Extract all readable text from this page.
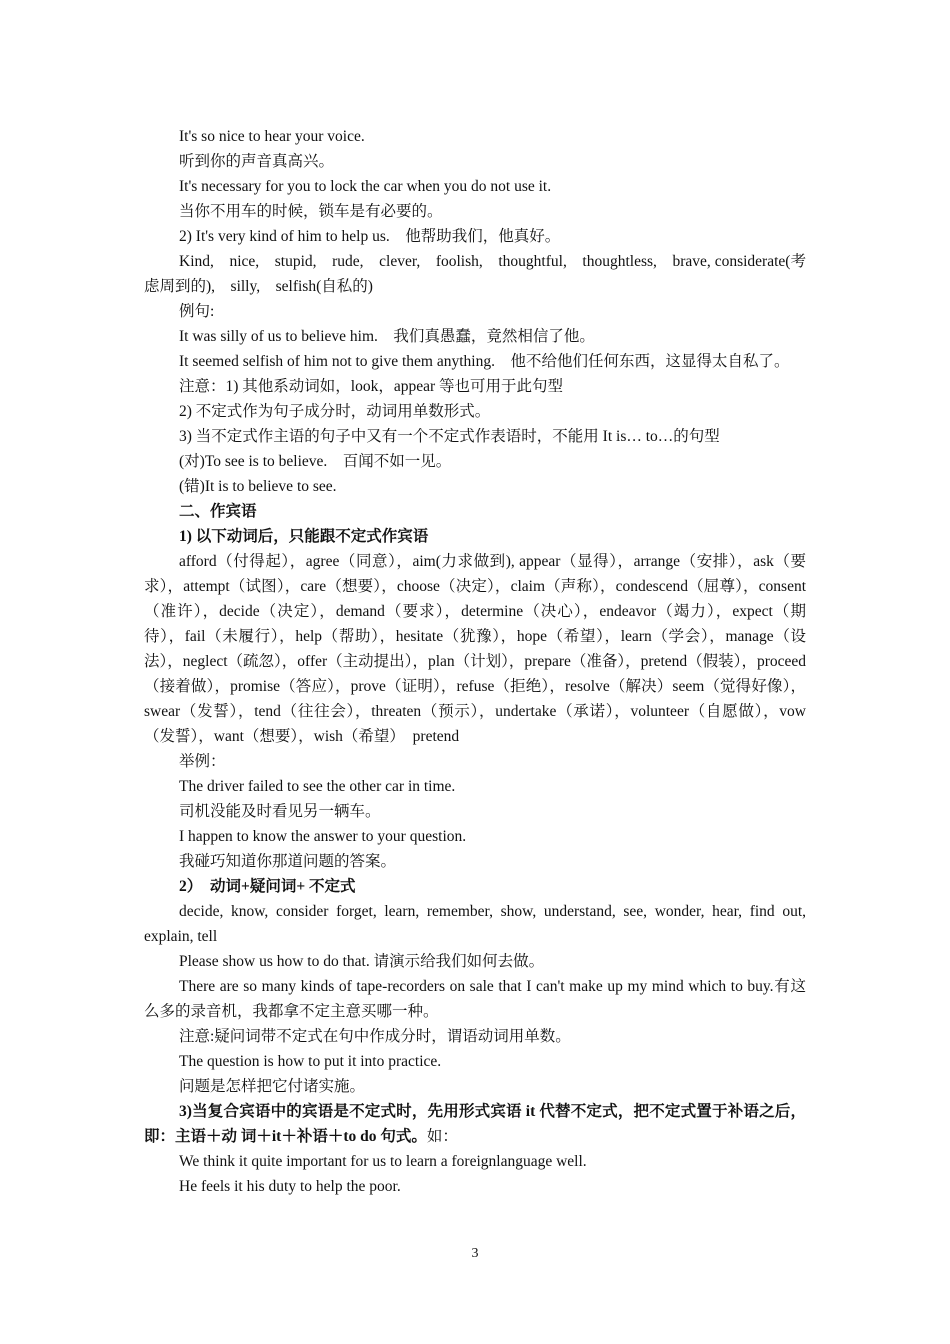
It's so nice to hear your voice.

听到你的声音真高兴。

It's necessary for you to lock the car when you do not use it.

当你不用车的时候，锁车是有必要的。

2) It's very kind of him to help us.　他帮助我们，他真好。

Kind,　nice,　stupid,　rude,　clever,　foolish,　thoughtful,　thoughtless,　brave, considerate(考虑周到的),　silly,　selfish(自私的)

例句:

It was silly of us to believe him.　我们真愚蠢，竟然相信了他。

It seemed selfish of him not to give them anything.　他不给他们任何东西，这显得太自私了。

注意：1) 其他系动词如，look，appear 等也可用于此句型

2) 不定式作为句子成分时，动词用单数形式。

3) 当不定式作主语的句子中又有一个不定式作表语时，不能用 It is… to…的句型

(对)To see is to believe.　百闻不如一见。

(错)It is to believe to see.

二、作宾语

1) 以下动词后，只能跟不定式作宾语

afford（付得起），agree（同意），aim(力求做到), appear（显得），arrange（安排），ask（要求），attempt（试图），care（想要），choose（决定），claim（声称），condescend（屈尊），consent（准许），decide（决定），demand（要求），determine（决心），endeavor（竭力），expect（期待），fail（未履行），help（帮助），hesitate（犹豫），hope（希望），learn（学会），manage（设法），neglect（疏忽），offer（主动提出），plan（计划），prepare（准备），pretend（假装），proceed（接着做），promise（答应），prove（证明），refuse（拒绝），resolve（解决）seem（觉得好像），swear（发誓），tend（往往会），threaten（预示），undertake（承诺），volunteer（自愿做），vow（发誓），want（想要），wish（希望）　pretend

举例：

The driver failed to see the other car in time.

司机没能及时看见另一辆车。

I happen to know the answer to your question.

我碰巧知道你那道问题的答案。

2）　动词+疑问词+ 不定式

decide, know, consider forget, learn, remember, show, understand, see, wonder, hear, find out, explain, tell

Please show us how to do that. 请演示给我们如何去做。

There are so many kinds of tape-recorders on sale that I can't make up my mind which to buy.有这么多的录音机，我都拿不定主意买哪一种。

注意:疑问词带不定式在句中作成分时，谓语动词用单数。

The question is how to put it into practice.

问题是怎样把它付诸实施。

3)当复合宾语中的宾语是不定式时，先用形式宾语 it 代替不定式，把不定式置于补语之后，即：主语＋动 词＋it＋补语＋to do 句式。如：

We think it quite important for us to learn a foreignlanguage well.

He feels it his duty to help the poor.

3
